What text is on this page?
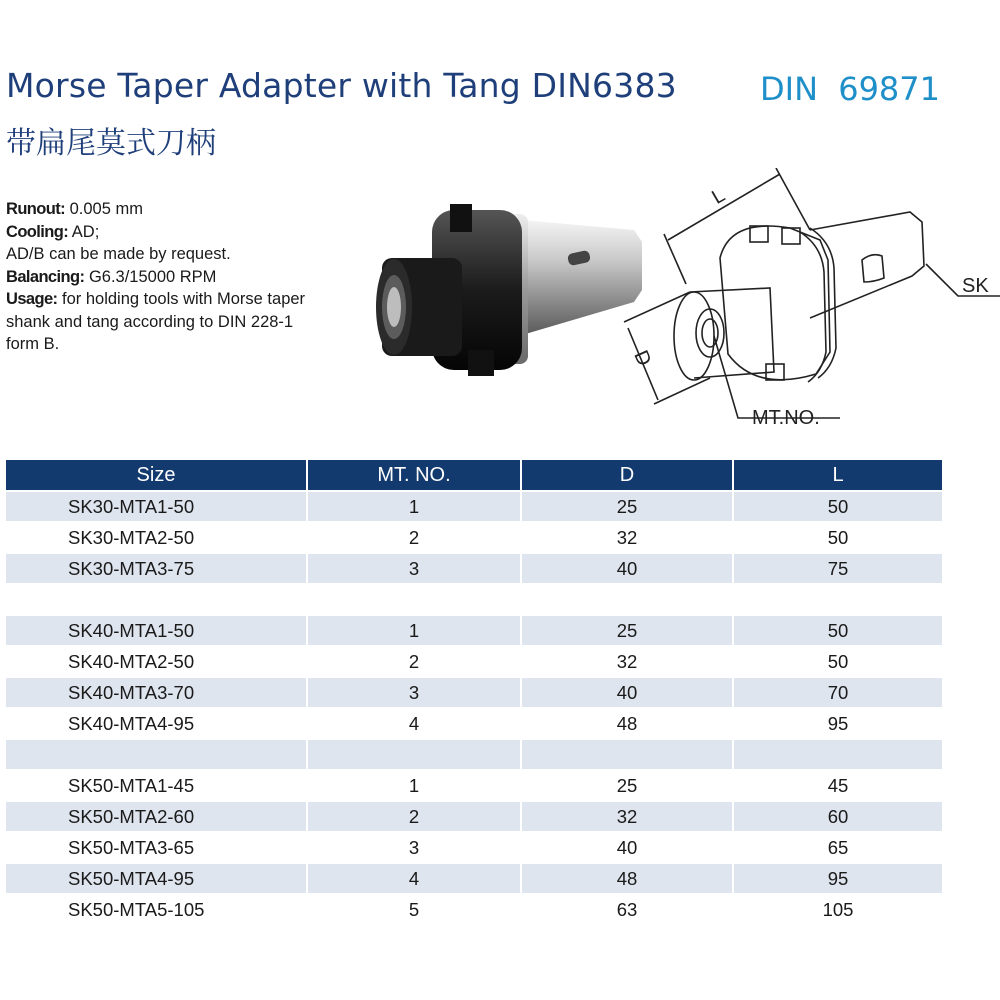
Morse Taper Adapter with Tang DIN6383
带扁尾莫式刀柄
DIN 69871
Runout: 0.005 mm
Cooling: AD;
AD/B can be made by request.
Balancing: G6.3/15000 RPM
Usage: for holding tools with Morse taper shank and tang according to DIN 228-1 form B.
L
D
SK
MT.NO.
Size	MT. NO.	D	L
SK30-MTA1-50	1	25	50
SK30-MTA2-50	2	32	50
SK30-MTA3-75	3	40	75

SK40-MTA1-50	1	25	50
SK40-MTA2-50	2	32	50
SK40-MTA3-70	3	40	70
SK40-MTA4-95	4	48	95

SK50-MTA1-45	1	25	45
SK50-MTA2-60	2	32	60
SK50-MTA3-65	3	40	65
SK50-MTA4-95	4	48	95
SK50-MTA5-105	5	63	105
